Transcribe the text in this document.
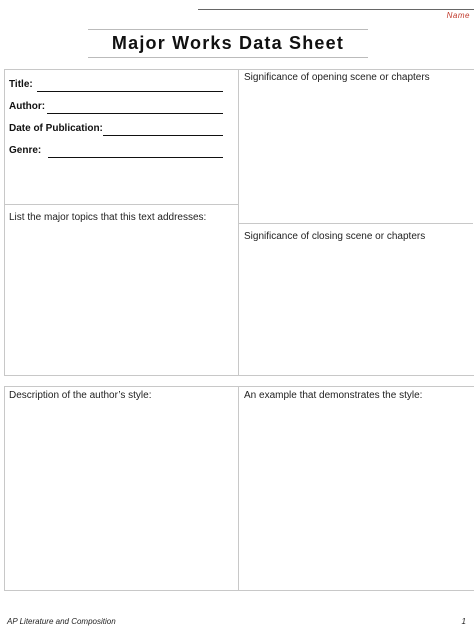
Name
Major Works Data Sheet
Title:
Author:
Date of Publication:
Genre:
List the major topics that this text addresses:
Significance of opening scene or chapters
Significance of closing scene or chapters
Description of the author’s style:	An example that demonstrates the style:
AP Literature and Composition	1
